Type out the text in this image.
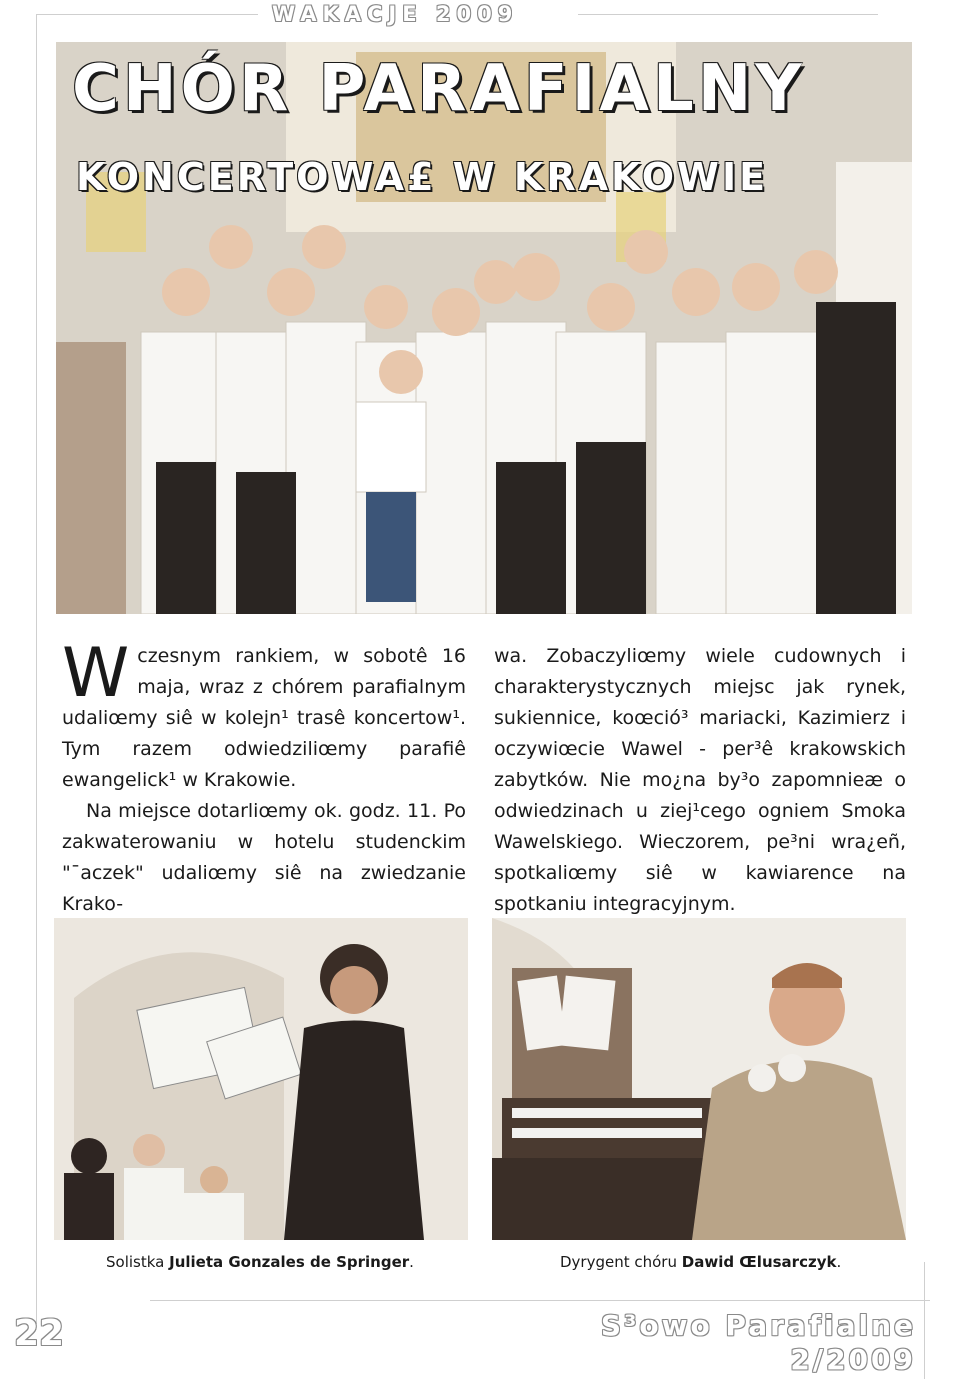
WAKACJE 2009
CHÓR PARAFIALNY
KONCERTOWA£ W KRAKOWIE

Wczesnym rankiem, w sobotê 16 maja, wraz z chórem parafialnym udaliœmy siê w kolejn¹ trasê koncertow¹. Tym razem odwiedziliœmy parafiê ewangelick¹ w Krakowie.

Na miejsce dotarliœmy ok. godz. 11. Po zakwaterowaniu w hotelu studenckim "¯aczek" udaliœmy siê na zwiedzanie Krako-

wa. Zobaczyliœmy wiele cudownych i charakterystycznych miejsc jak rynek, sukiennice, koœció³ mariacki, Kazimierz i oczywiœcie Wawel - per³ê krakowskich zabytków. Nie mo¿na by³o zapomnieæ o odwiedzinach u ziej¹cego ogniem Smoka Wawelskiego. Wieczorem, pe³ni wra¿eñ, spotkaliœmy siê w kawiarence na spotkaniu integracyjnym.

Solistka Julieta Gonzales de Springer.	Dyrygent chóru Dawid Œlusarczyk.
22	S³owo Parafialne
2/2009
